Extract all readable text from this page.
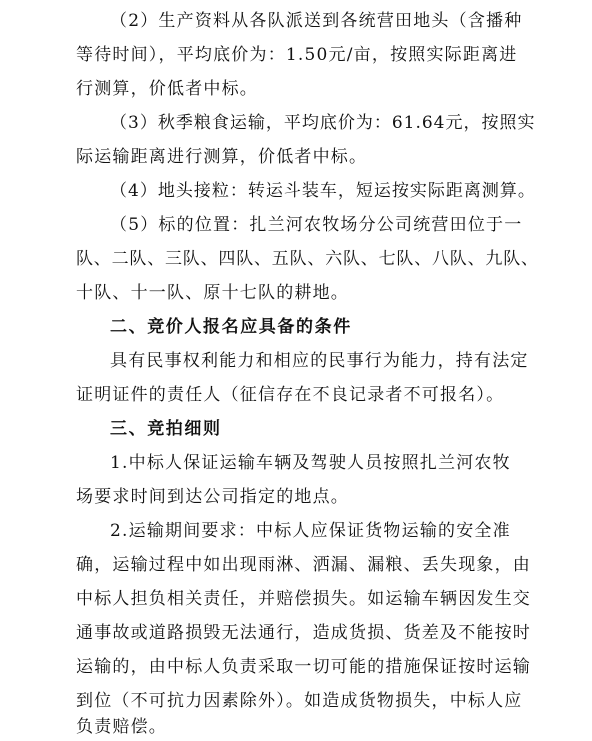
（2）生产资料从各队派送到各统营田地头（含播种
等待时间），平均底价为：1.50元/亩，按照实际距离进
行测算，价低者中标。
（3）秋季粮食运输，平均底价为：61.64元，按照实
际运输距离进行测算，价低者中标。
（4）地头接粒：转运斗装车，短运按实际距离测算。
（5）标的位置：扎兰河农牧场分公司统营田位于一
队、二队、三队、四队、五队、六队、七队、八队、九队、
十队、十一队、原十七队的耕地。
二、竞价人报名应具备的条件
具有民事权利能力和相应的民事行为能力，持有法定
证明证件的责任人（征信存在不良记录者不可报名）。
三、竞拍细则
1.中标人保证运输车辆及驾驶人员按照扎兰河农牧
场要求时间到达公司指定的地点。
2.运输期间要求：中标人应保证货物运输的安全准
确，运输过程中如出现雨淋、洒漏、漏粮、丢失现象，由
中标人担负相关责任，并赔偿损失。如运输车辆因发生交
通事故或道路损毁无法通行，造成货损、货差及不能按时
运输的，由中标人负责采取一切可能的措施保证按时运输
到位（不可抗力因素除外）。如造成货物损失，中标人应
负责赔偿。
